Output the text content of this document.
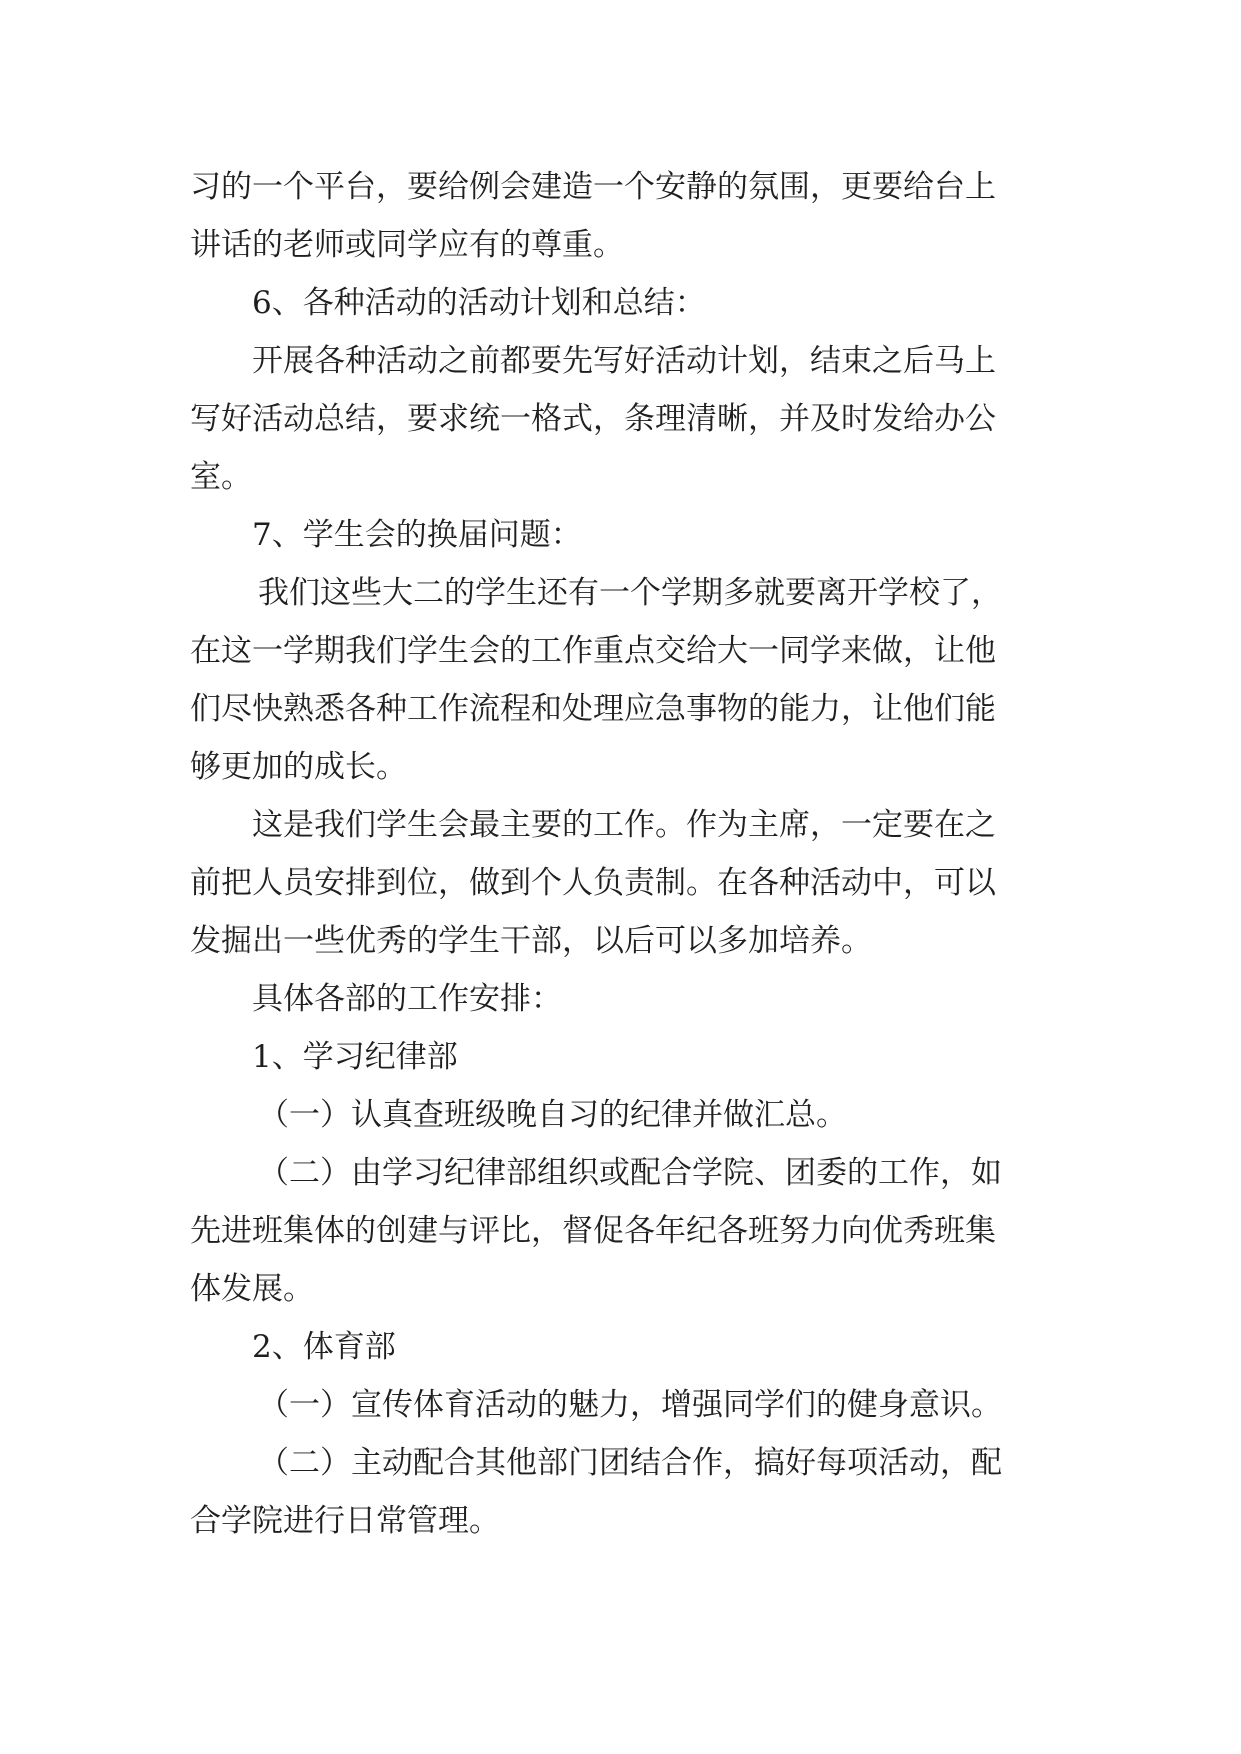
习的一个平台，要给例会建造一个安静的氛围，更要给台上
讲话的老师或同学应有的尊重。
6、各种活动的活动计划和总结：
开展各种活动之前都要先写好活动计划，结束之后马上
写好活动总结，要求统一格式，条理清晰，并及时发给办公
室。
7、学生会的换届问题：
我们这些大二的学生还有一个学期多就要离开学校了，
在这一学期我们学生会的工作重点交给大一同学来做，让他
们尽快熟悉各种工作流程和处理应急事物的能力，让他们能
够更加的成长。
这是我们学生会最主要的工作。作为主席，一定要在之
前把人员安排到位，做到个人负责制。在各种活动中，可以
发掘出一些优秀的学生干部，以后可以多加培养。
具体各部的工作安排：
1、学习纪律部
（一）认真查班级晚自习的纪律并做汇总。
（二）由学习纪律部组织或配合学院、团委的工作，如
先进班集体的创建与评比，督促各年纪各班努力向优秀班集
体发展。
2、体育部
（一）宣传体育活动的魅力，增强同学们的健身意识。
（二）主动配合其他部门团结合作，搞好每项活动，配
合学院进行日常管理。
